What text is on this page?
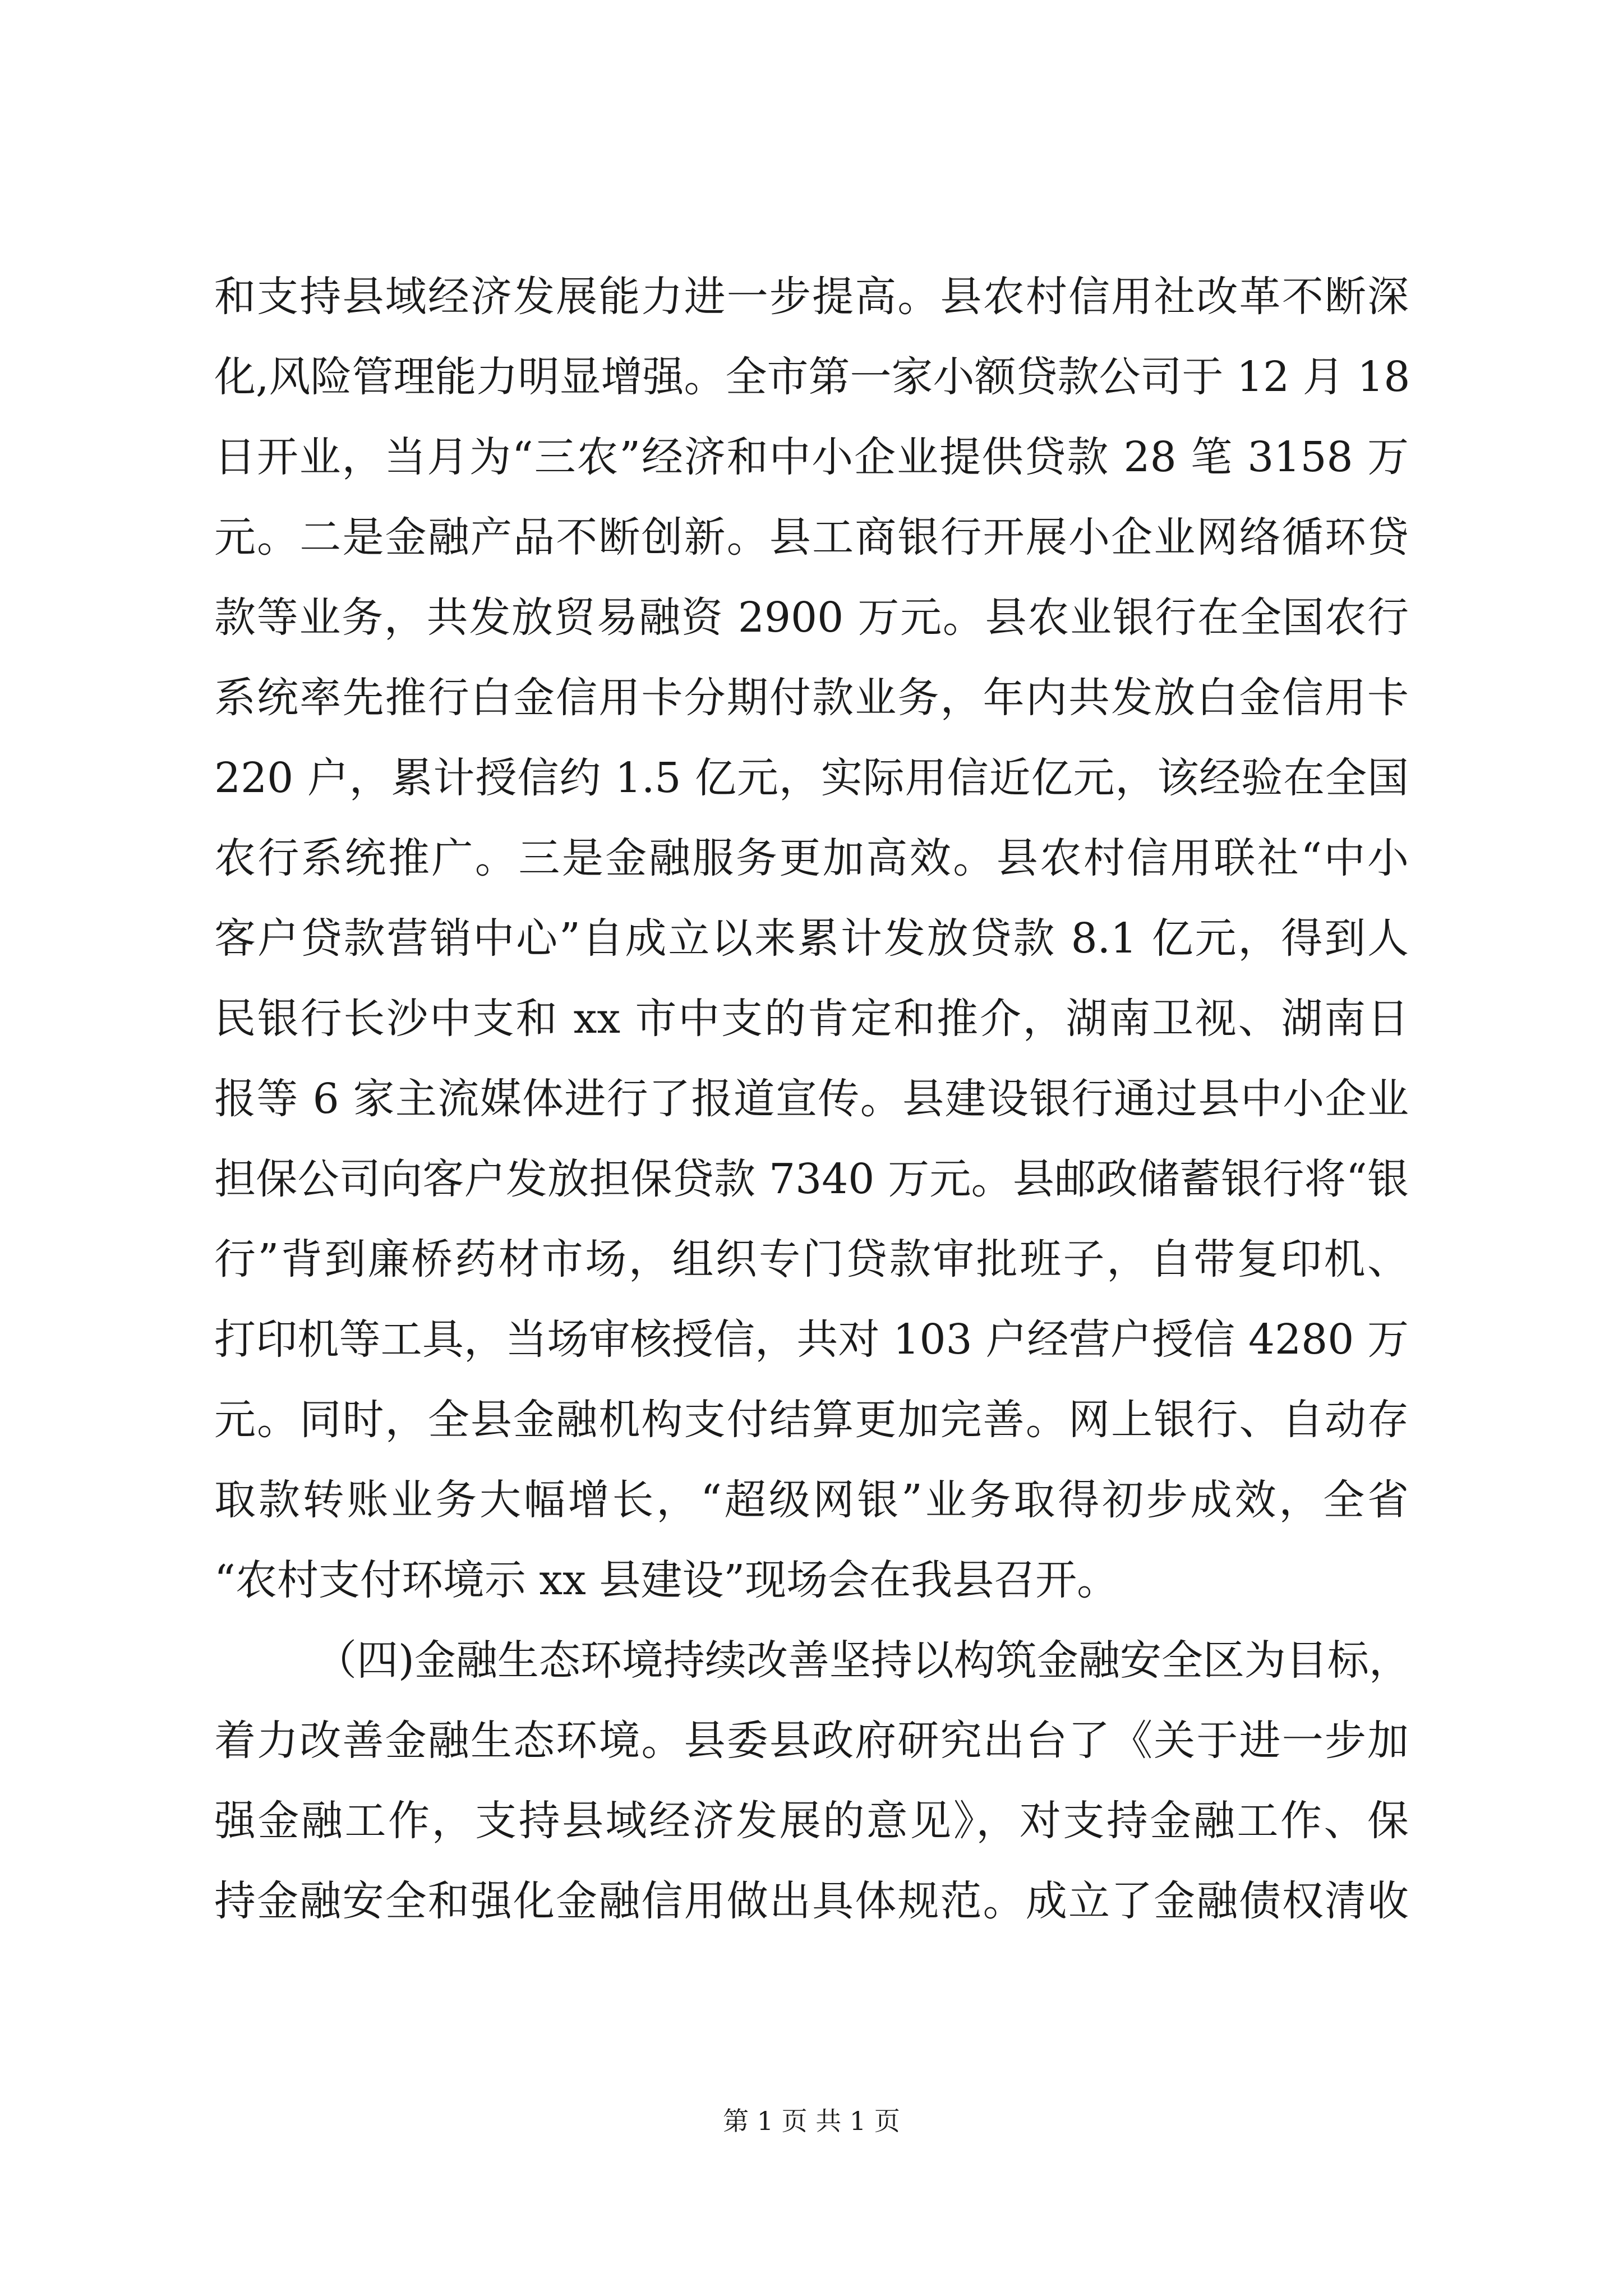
和支持县域经济发展能力进一步提高。县农村信用社改革不断深
化,风险管理能力明显增强。全市第一家小额贷款公司于 12 月 18
日开业，当月为“三农”经济和中小企业提供贷款 28 笔 3158 万
元。二是金融产品不断创新。县工商银行开展小企业网络循环贷
款等业务，共发放贸易融资 2900 万元。县农业银行在全国农行
系统率先推行白金信用卡分期付款业务，年内共发放白金信用卡
220 户，累计授信约 1.5 亿元，实际用信近亿元，该经验在全国
农行系统推广。三是金融服务更加高效。县农村信用联社“中小
客户贷款营销中心”自成立以来累计发放贷款 8.1 亿元，得到人
民银行长沙中支和 xx 市中支的肯定和推介，湖南卫视、湖南日
报等 6 家主流媒体进行了报道宣传。县建设银行通过县中小企业
担保公司向客户发放担保贷款 7340 万元。县邮政储蓄银行将“银
行”背到廉桥药材市场，组织专门贷款审批班子，自带复印机、
打印机等工具，当场审核授信，共对 103 户经营户授信 4280 万
元。同时，全县金融机构支付结算更加完善。网上银行、自动存
取款转账业务大幅增长，“超级网银”业务取得初步成效，全省
“农村支付环境示 xx 县建设”现场会在我县召开。
（四)金融生态环境持续改善坚持以构筑金融安全区为目标，
着力改善金融生态环境。县委县政府研究出台了《关于进一步加
强金融工作，支持县域经济发展的意见》，对支持金融工作、保
持金融安全和强化金融信用做出具体规范。成立了金融债权清收
第 1 页 共 1 页
